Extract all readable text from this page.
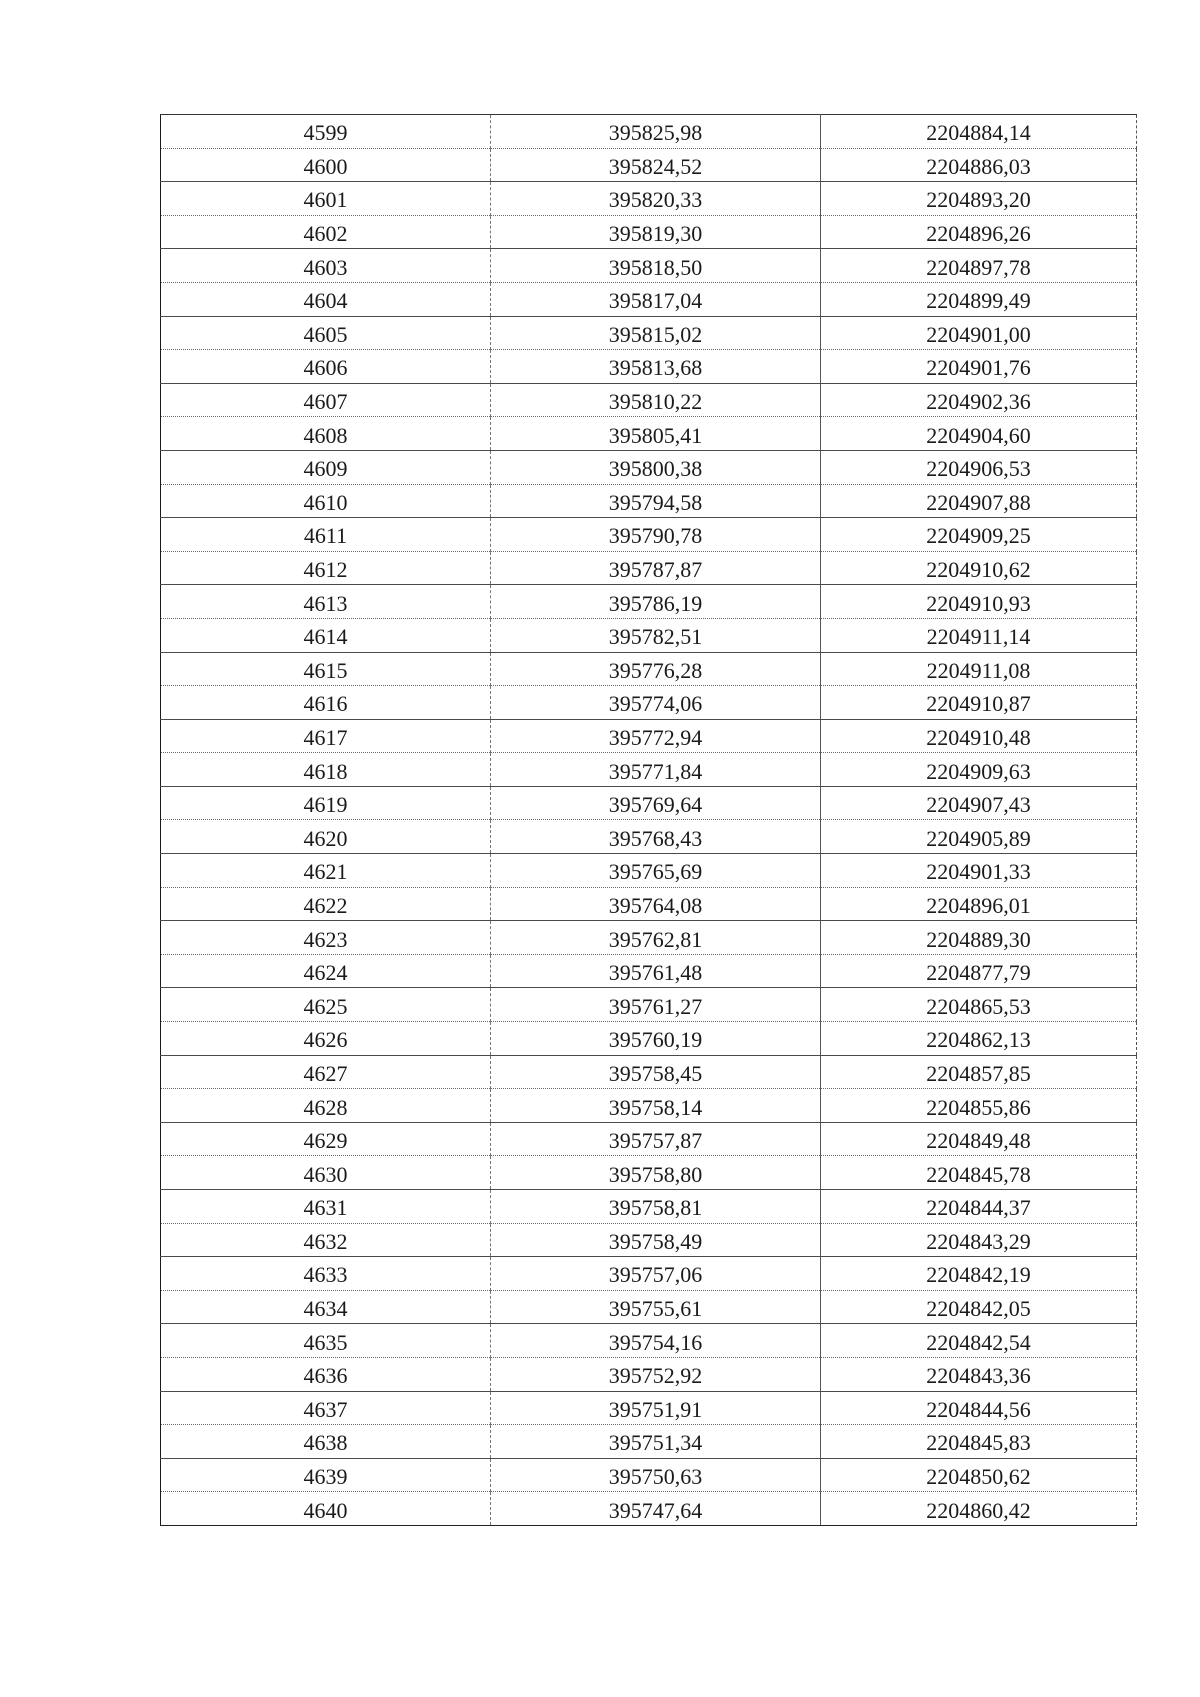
4599	395825,98	2204884,14
4600	395824,52	2204886,03
4601	395820,33	2204893,20
4602	395819,30	2204896,26
4603	395818,50	2204897,78
4604	395817,04	2204899,49
4605	395815,02	2204901,00
4606	395813,68	2204901,76
4607	395810,22	2204902,36
4608	395805,41	2204904,60
4609	395800,38	2204906,53
4610	395794,58	2204907,88
4611	395790,78	2204909,25
4612	395787,87	2204910,62
4613	395786,19	2204910,93
4614	395782,51	2204911,14
4615	395776,28	2204911,08
4616	395774,06	2204910,87
4617	395772,94	2204910,48
4618	395771,84	2204909,63
4619	395769,64	2204907,43
4620	395768,43	2204905,89
4621	395765,69	2204901,33
4622	395764,08	2204896,01
4623	395762,81	2204889,30
4624	395761,48	2204877,79
4625	395761,27	2204865,53
4626	395760,19	2204862,13
4627	395758,45	2204857,85
4628	395758,14	2204855,86
4629	395757,87	2204849,48
4630	395758,80	2204845,78
4631	395758,81	2204844,37
4632	395758,49	2204843,29
4633	395757,06	2204842,19
4634	395755,61	2204842,05
4635	395754,16	2204842,54
4636	395752,92	2204843,36
4637	395751,91	2204844,56
4638	395751,34	2204845,83
4639	395750,63	2204850,62
4640	395747,64	2204860,42
